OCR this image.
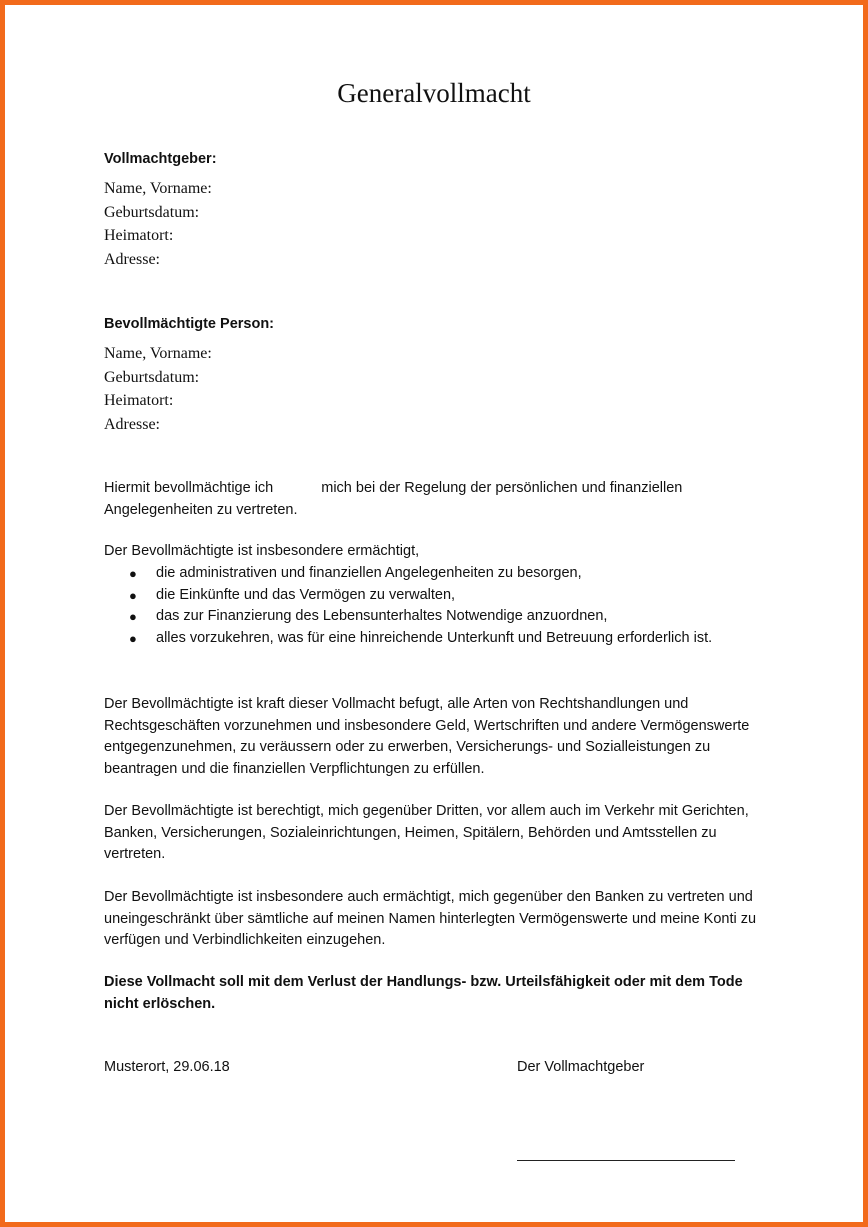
Generalvollmacht
Vollmachtgeber:
Name, Vorname:
Geburtsdatum:
Heimatort:
Adresse:
Bevollmächtigte Person:
Name, Vorname:
Geburtsdatum:
Heimatort:
Adresse:

Hiermit bevollmächtige ich	mich bei der Regelung der persönlichen und finanziellen Angelegenheiten zu vertreten.

Der Bevollmächtigte ist insbesondere ermächtigt,

● die administrativen und finanziellen Angelegenheiten zu besorgen,
● die Einkünfte und das Vermögen zu verwalten,
● das zur Finanzierung des Lebensunterhaltes Notwendige anzuordnen,
● alles vorzukehren, was für eine hinreichende Unterkunft und Betreuung erforderlich ist.

Der Bevollmächtigte ist kraft dieser Vollmacht befugt, alle Arten von Rechtshandlungen und Rechtsgeschäften vorzunehmen und insbesondere Geld, Wertschriften und andere Vermögenswerte entgegenzunehmen, zu veräussern oder zu erwerben, Versicherungs- und Sozialleistungen zu beantragen und die finanziellen Verpflichtungen zu erfüllen.

Der Bevollmächtigte ist berechtigt, mich gegenüber Dritten, vor allem auch im Verkehr mit Gerichten, Banken, Versicherungen, Sozialeinrichtungen, Heimen, Spitälern, Behörden und Amtsstellen zu vertreten.

Der Bevollmächtigte ist insbesondere auch ermächtigt, mich gegenüber den Banken zu vertreten und uneingeschränkt über sämtliche auf meinen Namen hinterlegten Vermögenswerte und meine Konti zu verfügen und Verbindlichkeiten einzugehen.

Diese Vollmacht soll mit dem Verlust der Handlungs- bzw. Urteilsfähigkeit oder mit dem Tode nicht erlöschen.

Musterort, 29.06.18	Der Vollmachtgeber
